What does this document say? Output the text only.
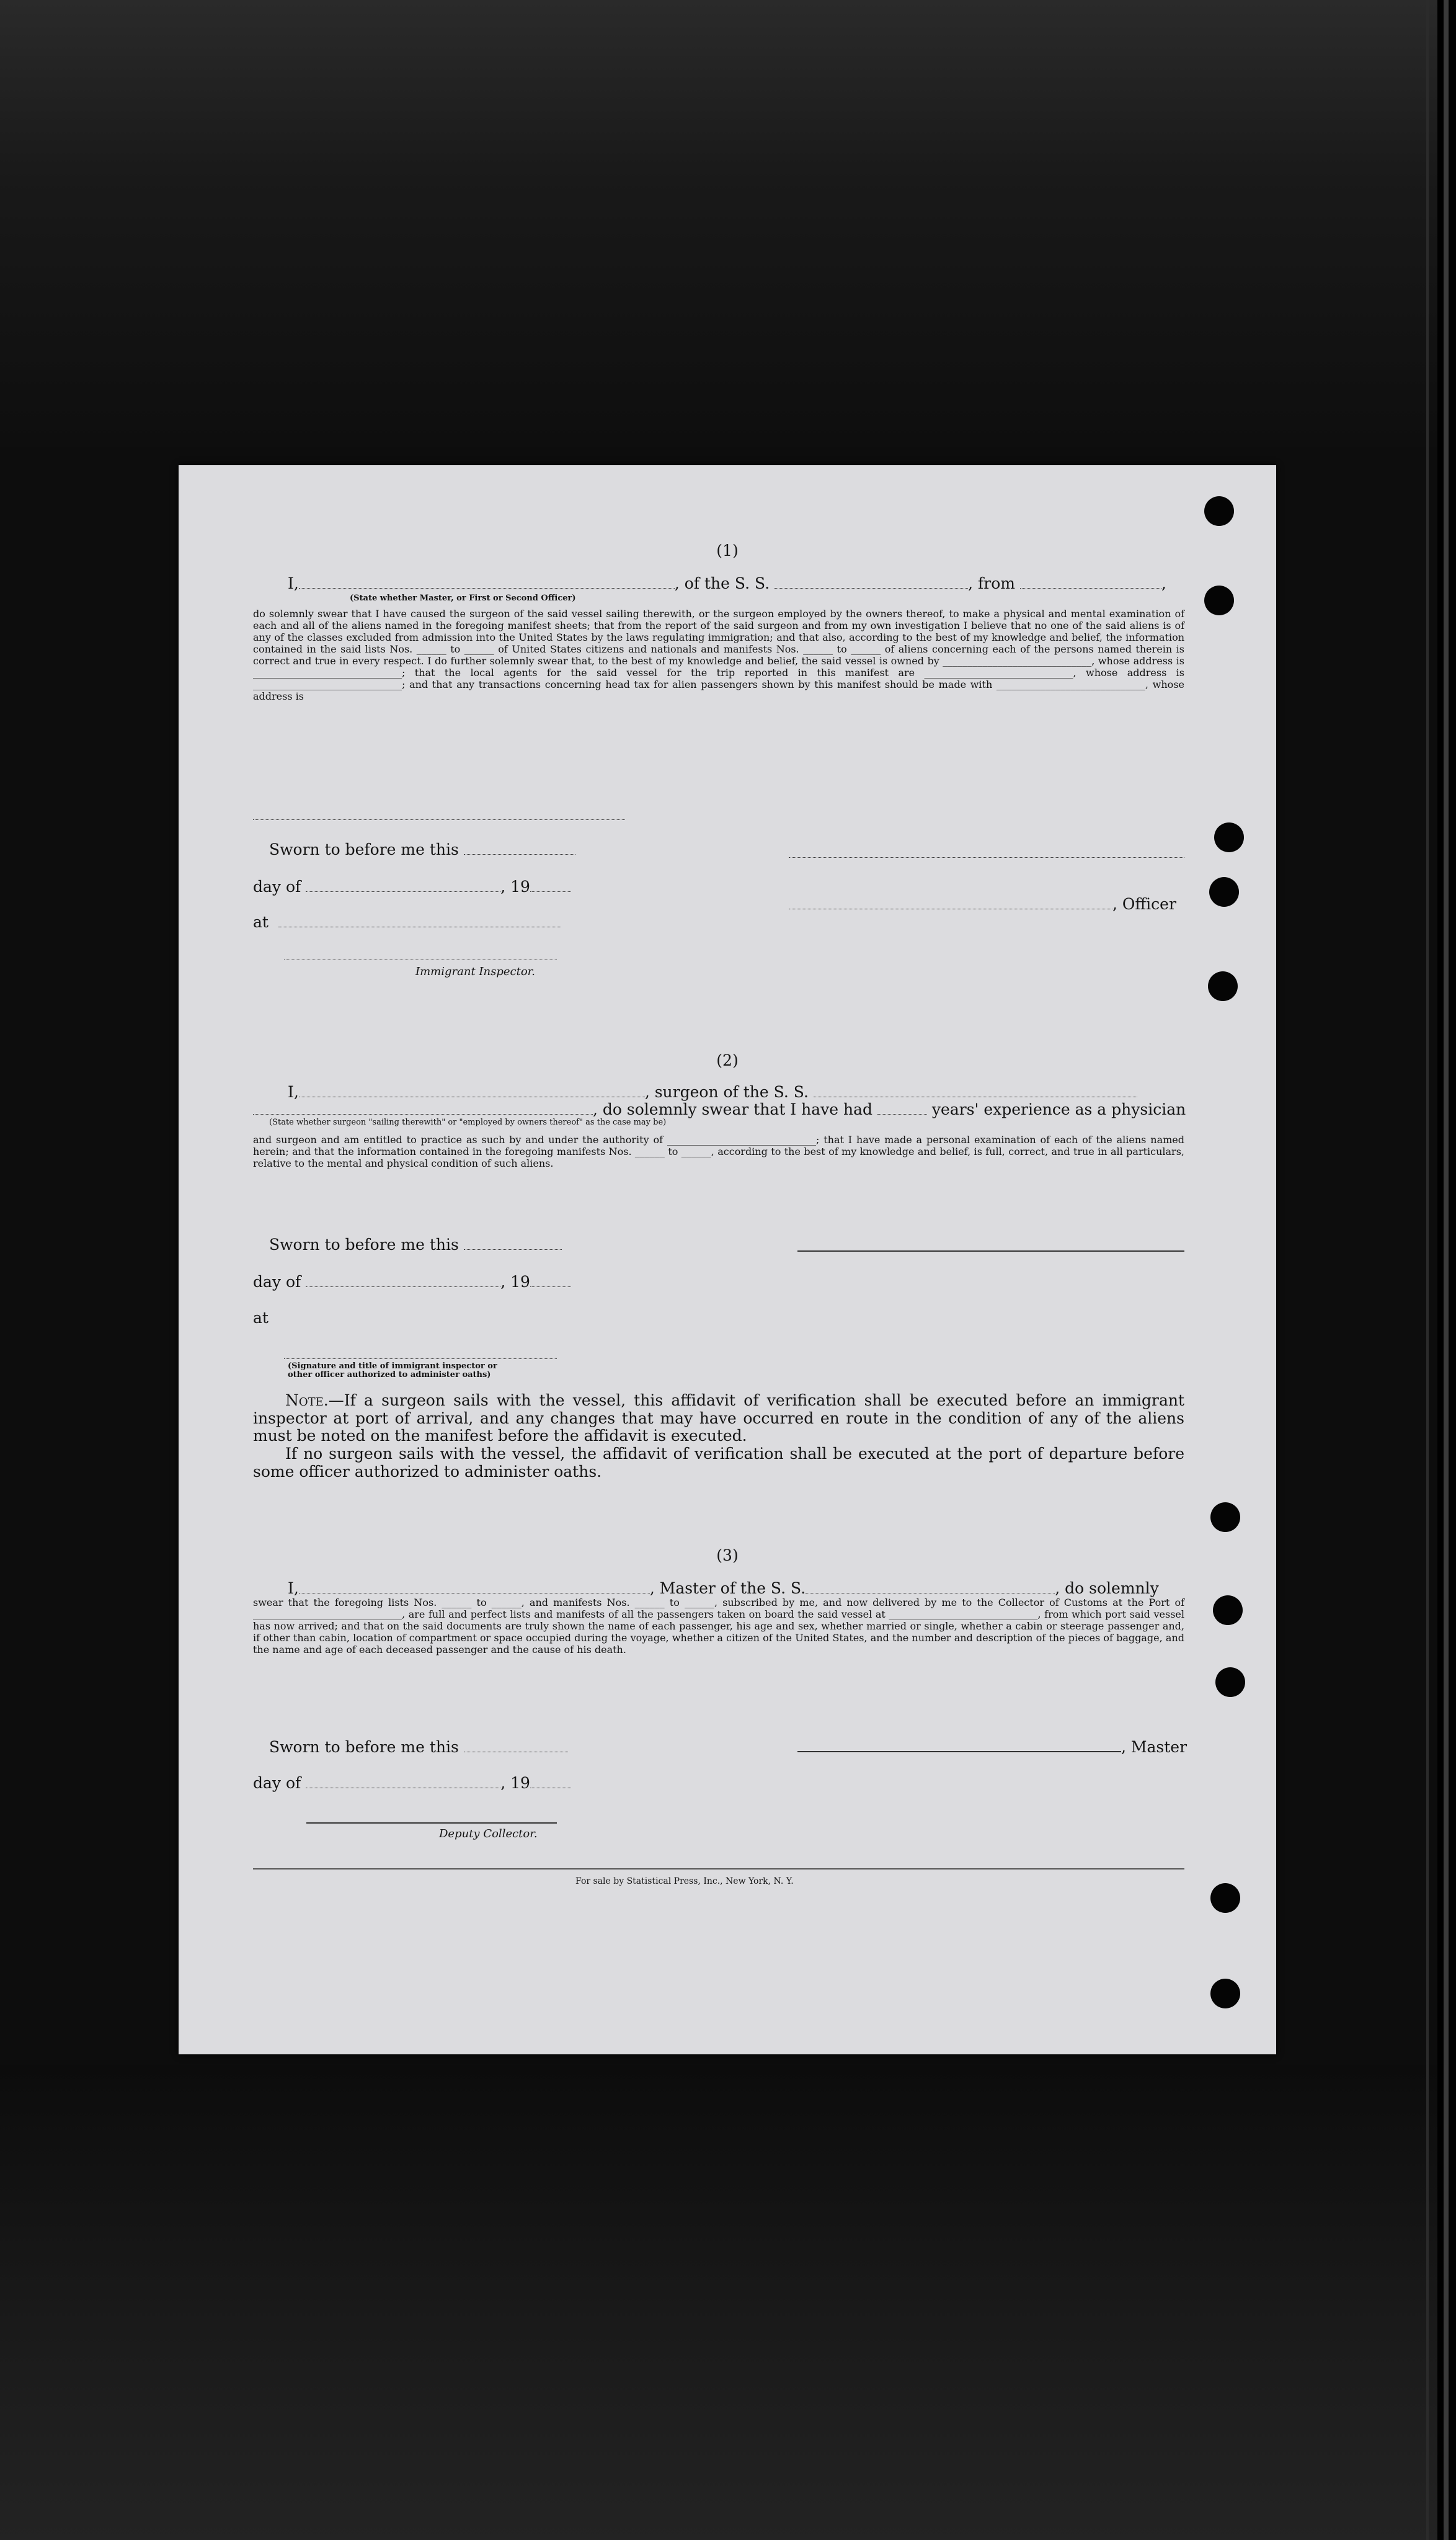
(1)

I,	, of the S. S.	, from	,
(State whether Master, or First or Second Officer)

do solemnly swear that I have caused the surgeon of the said vessel sailing therewith, or the surgeon employed by the owners thereof, to make a physical and mental examination of each and all of the aliens named in the foregoing manifest sheets; that from the report of the said surgeon and from my own investigation I believe that no one of the said aliens is of any of the classes excluded from admission into the United States by the laws regulating immigration; and that also, according to the best of my knowledge and belief, the information contained in the said lists Nos. ______ to ______ of United States citizens and nationals and manifests Nos. ______ to ______ of aliens concerning each of the persons named therein is correct and true in every respect. I do further solemnly swear that, to the best of my knowledge and belief, the said vessel is owned by ______________________________, whose address is ______________________________; that the local agents for the said vessel for the trip reported in this manifest are ______________________________, whose address is ______________________________; and that any transactions concerning head tax for alien passengers shown by this manifest should be made with ______________________________, whose address is

Sworn to before me this
day of	, 19
, Officer
at
Immigrant Inspector.

(2)

I,	, surgeon of the S. S.
, do solemnly swear that I have had	years' experience as a physician
(State whether surgeon "sailing therewith" or "employed by owners thereof" as the case may be)

and surgeon and am entitled to practice as such by and under the authority of ______________________________; that I have made a personal examination of each of the aliens named herein; and that the information contained in the foregoing manifests Nos. ______ to ______, according to the best of my knowledge and belief, is full, correct, and true in all particulars, relative to the mental and physical condition of such aliens.

Sworn to before me this
day of	, 19
at
(Signature and title of immigrant inspector or
other officer authorized to administer oaths)

Note.—If a surgeon sails with the vessel, this affidavit of verification shall be executed before an immigrant inspector at port of arrival, and any changes that may have occurred en route in the condition of any of the aliens must be noted on the manifest before the affidavit is executed.

If no surgeon sails with the vessel, the affidavit of verification shall be executed at the port of departure before some officer authorized to administer oaths.

(3)

I,	, Master of the S. S.	, do solemnly

swear that the foregoing lists Nos. ______ to ______, and manifests Nos. ______ to ______, subscribed by me, and now delivered by me to the Collector of Customs at the Port of ______________________________, are full and perfect lists and manifests of all the passengers taken on board the said vessel at ______________________________, from which port said vessel has now arrived; and that on the said documents are truly shown the name of each passenger, his age and sex, whether married or single, whether a cabin or steerage passenger and, if other than cabin, location of compartment or space occupied during the voyage, whether a citizen of the United States, and the number and description of the pieces of baggage, and the name and age of each deceased passenger and the cause of his death.

Sworn to before me this	, Master
day of	, 19
Deputy Collector.
For sale by Statistical Press, Inc., New York, N. Y.
